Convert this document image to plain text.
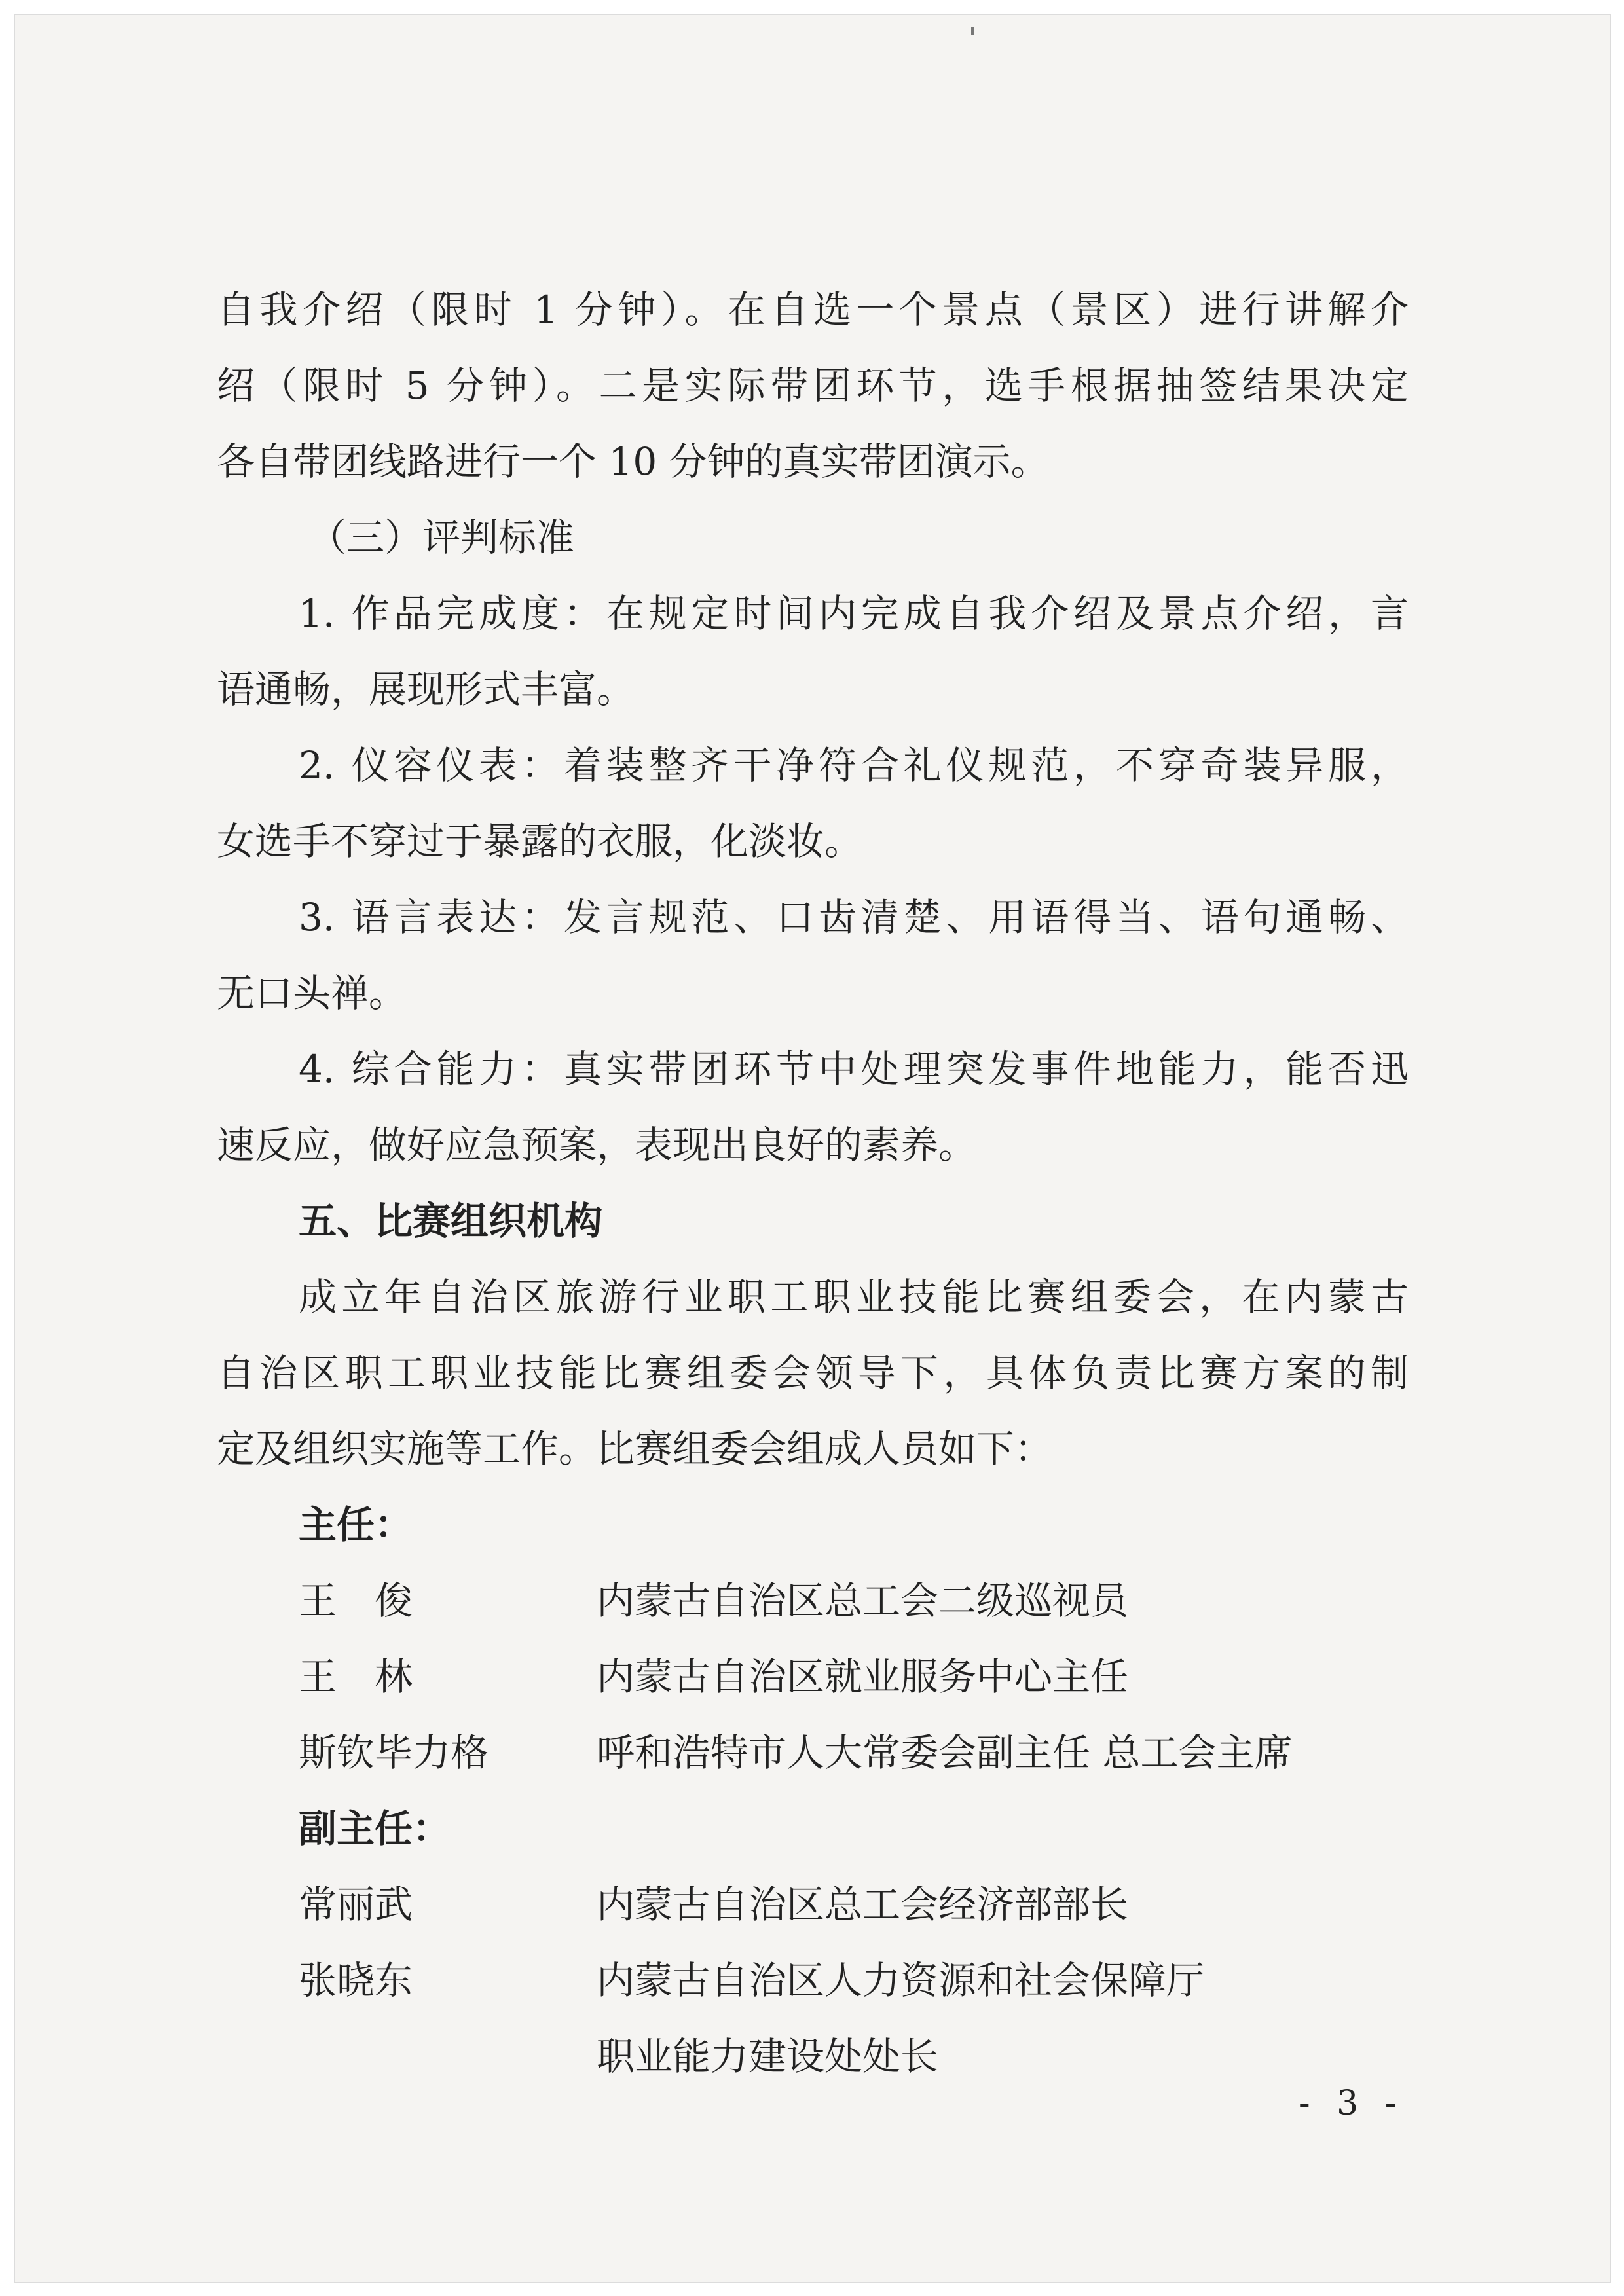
自我介绍（限时 1 分钟）。在自选一个景点（景区）进行讲解介
绍（限时 5 分钟）。二是实际带团环节，选手根据抽签结果决定
各自带团线路进行一个 10 分钟的真实带团演示。
（三）评判标准
1. 作品完成度：在规定时间内完成自我介绍及景点介绍，言
语通畅，展现形式丰富。
2. 仪容仪表：着装整齐干净符合礼仪规范，不穿奇装异服，
女选手不穿过于暴露的衣服，化淡妆。
3. 语言表达：发言规范、口齿清楚、用语得当、语句通畅、
无口头禅。
4. 综合能力：真实带团环节中处理突发事件地能力，能否迅
速反应，做好应急预案，表现出良好的素养。
五、比赛组织机构
成立年自治区旅游行业职工职业技能比赛组委会，在内蒙古
自治区职工职业技能比赛组委会领导下，具体负责比赛方案的制
定及组织实施等工作。比赛组委会组成人员如下：
主任：
王　俊	内蒙古自治区总工会二级巡视员
王　林	内蒙古自治区就业服务中心主任
斯钦毕力格	呼和浩特市人大常委会副主任 总工会主席
副主任：
常丽武	内蒙古自治区总工会经济部部长
张晓东	内蒙古自治区人力资源和社会保障厅
职业能力建设处处长
- 3 -
